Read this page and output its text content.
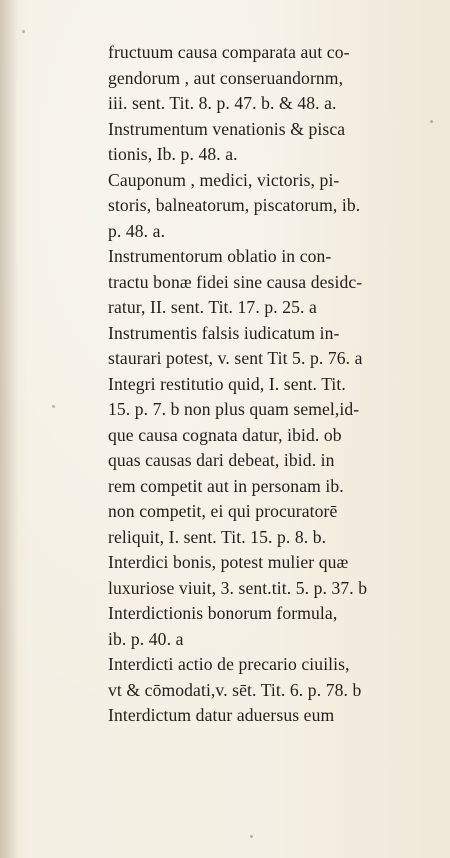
fructuum causa comparata aut co-
gendorum , aut conseruandornm,
iii. sent. Tit. 8. p. 47. b. & 48. a.
Instrumentum venationis & pisca
tionis, Ib. p. 48. a.
Cauponum , medici, victoris, pi-
storis, balneatorum, piscatorum, ib.
p. 48. a.
Instrumentorum oblatio in con-
tractu bonæ fidei sine causa desidc-
ratur, II. sent. Tit. 17. p. 25. a
Instrumentis falsis iudicatum in-
staurari potest, v. sent Tit 5. p. 76. a
Integri restitutio quid, I. sent. Tit.
15. p. 7. b non plus quam semel,id-
que causa cognata datur, ibid. ob
quas causas dari debeat, ibid. in
rem competit aut in personam ib.
non competit, ei qui procuratorē
reliquit, I. sent. Tit. 15. p. 8. b.
Interdici bonis, potest mulier quæ
luxuriose viuit, 3. sent.tit. 5. p. 37. b
Interdictionis bonorum formula,
ib. p. 40. a
Interdicti actio de precario ciuilis,
vt & cōmodati,v. sēt. Tit. 6. p. 78. b
Interdictum datur aduersus eum
